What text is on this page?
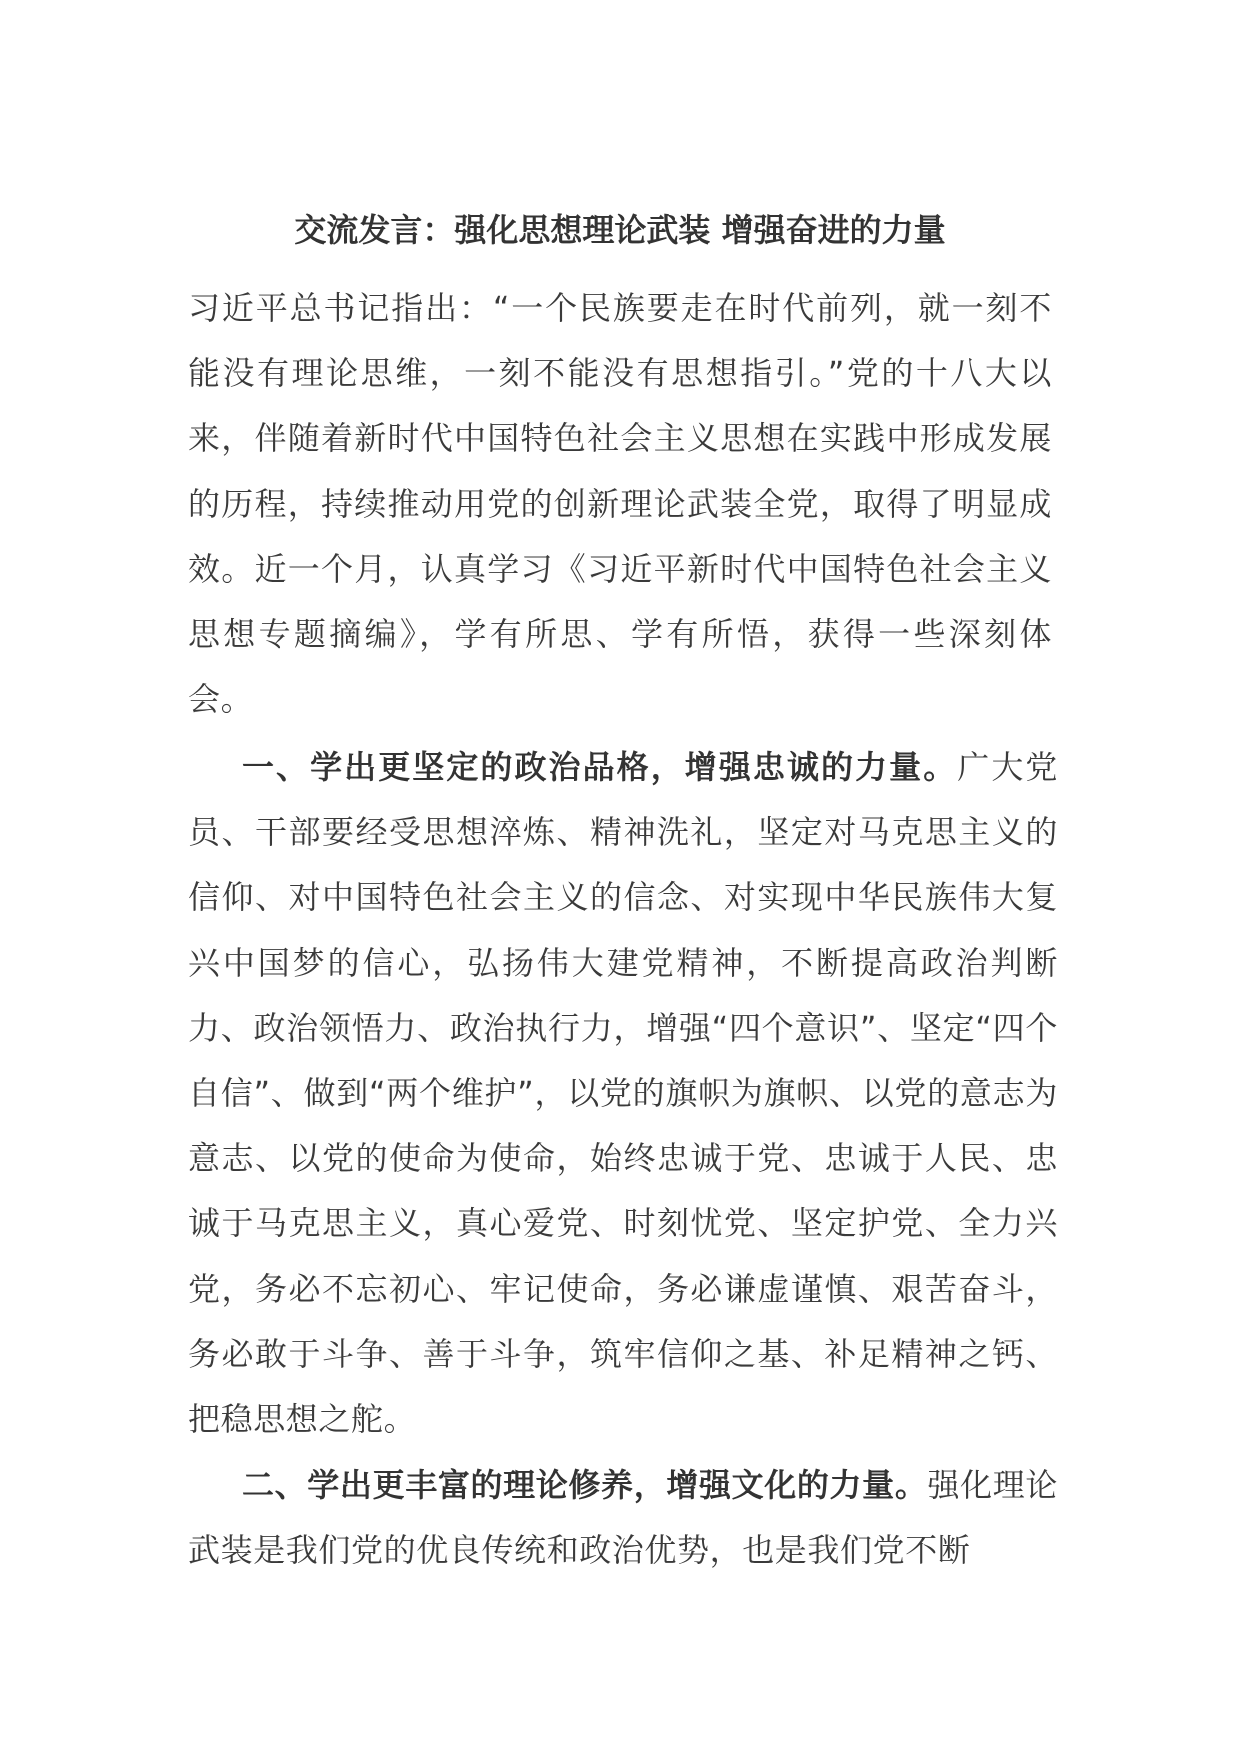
交流发言：强化思想理论武装 增强奋进的力量

习近平总书记指出：“一个民族要走在时代前列，就一刻不能没有理论思维，一刻不能没有思想指引。”党的十八大以来，伴随着新时代中国特色社会主义思想在实践中形成发展的历程，持续推动用党的创新理论武装全党，取得了明显成效。近一个月，认真学习《习近平新时代中国特色社会主义思想专题摘编》，学有所思、学有所悟，获得一些深刻体会。

一、学出更坚定的政治品格，增强忠诚的力量。广大党员、干部要经受思想淬炼、精神洗礼，坚定对马克思主义的信仰、对中国特色社会主义的信念、对实现中华民族伟大复兴中国梦的信心，弘扬伟大建党精神，不断提高政治判断力、政治领悟力、政治执行力，增强“四个意识”、坚定“四个自信”、做到“两个维护”，以党的旗帜为旗帜、以党的意志为意志、以党的使命为使命，始终忠诚于党、忠诚于人民、忠诚于马克思主义，真心爱党、时刻忧党、坚定护党、全力兴党，务必不忘初心、牢记使命，务必谦虚谨慎、艰苦奋斗，务必敢于斗争、善于斗争，筑牢信仰之基、补足精神之钙、把稳思想之舵。

二、学出更丰富的理论修养，增强文化的力量。强化理论武装是我们党的优良传统和政治优势，也是我们党不断
